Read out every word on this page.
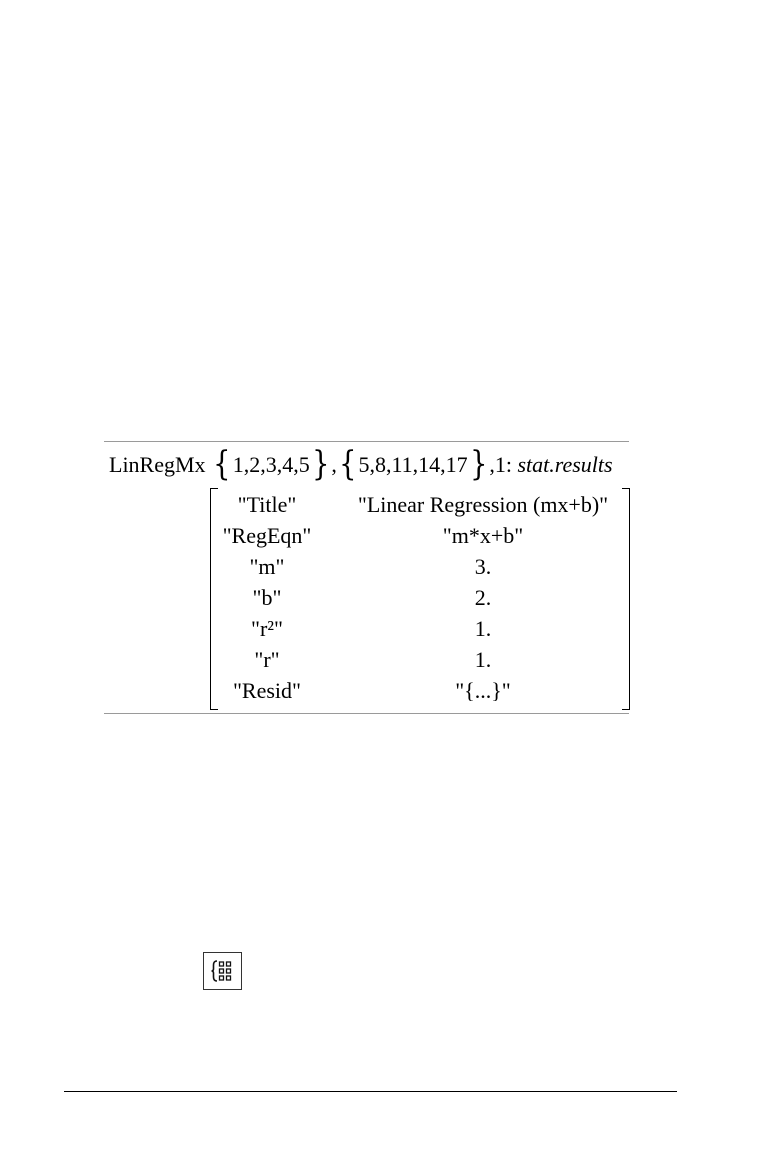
LinRegMx {1,2,3,4,5},{5,8,11,14,17},1: stat.results
"Title"	"Linear Regression (mx+b)"
"RegEqn"	"m*x+b"
"m"	3.
"b"	2.
"r²"	1.
"r"	1.
"Resid"	"{...}"
